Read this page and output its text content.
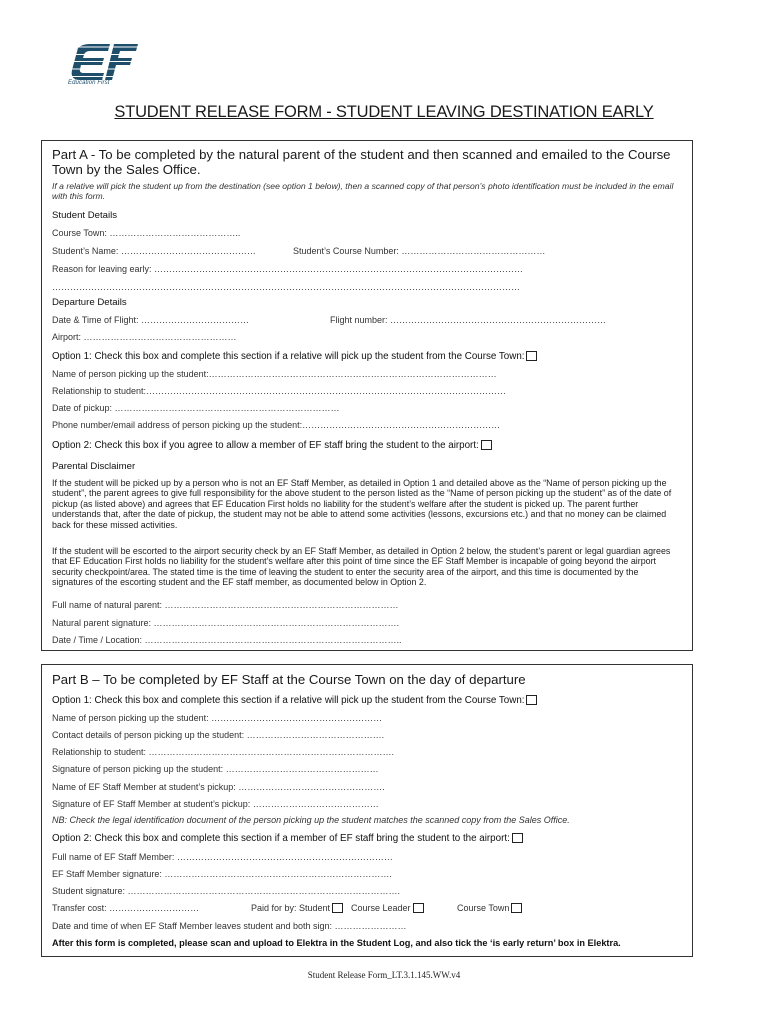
Education First
STUDENT RELEASE FORM - STUDENT LEAVING DESTINATION EARLY
Part A - To be completed by the natural parent of the student and then scanned and emailed to the Course Town by the Sales Office.
If a relative will pick the student up from the destination (see option 1 below), then a scanned copy of that person’s photo identification must be included in the email with this form.
Student Details
Course Town: ……………………………………..
Student’s Name: ………………………………………	Student’s Course Number: …………………………………………
Reason for leaving early: ……………………………………………………………………………………………………………
…………………………………………………………………………………………………………………………………………
Departure Details
Date & Time of Flight: ………………………………	Flight number: ………………………………………………………………
Airport: ……………………………………………
Option 1: Check this box and complete this section if a relative will pick up the student from the Course Town:
Name of person picking up the student:……………………………………………………………………………………
Relationship to student:…………………………………………………………………………………………………………
Date of pickup: …………………………………………………………………
Phone number/email address of person picking up the student:…………………………………………………………
Option 2: Check this box if you agree to allow a member of EF staff bring the student to the airport:
Parental Disclaimer
If the student will be picked up by a person who is not an EF Staff Member, as detailed in Option 1 and detailed above as the “Name of person picking up the student”, the parent agrees to give full responsibility for the above student to the person listed as the “Name of person picking up the student” as of the date of pickup (as listed above) and agrees that EF Education First holds no liability for the student’s welfare after the student is picked up. The parent further understands that, after the date of pickup, the student may not be able to attend some activities (lessons, excursions etc.) and that no money can be claimed back for these missed activities.
If the student will be escorted to the airport security check by an EF Staff Member, as detailed in Option 2 below, the student’s parent or legal guardian agrees that EF Education First holds no liability for the student’s welfare after this point of time since the EF Staff Member is incapable of going beyond the airport security checkpoint/area. The stated time is the time of leaving the student to enter the security area of the airport, and this time is documented by the signatures of the escorting student and the EF staff member, as documented below in Option 2.
Full name of natural parent: ……………………………………………………………………
Natural parent signature: ……………………………………………………………………….
Date / Time / Location: …………………………………………………………………………..
Part B – To be completed by EF Staff at the Course Town on the day of departure
Option 1: Check this box and complete this section if a relative will pick up the student from the Course Town:
Name of person picking up the student: …………………………………………………
Contact details of person picking up the student: ……………………………………….
Relationship to student: ……………………………………………………………………….
Signature of person picking up the student: ……………………………………………
Name of EF Staff Member at student’s pickup: ………………………………………….
Signature of EF Staff Member at student’s pickup: ……………………………………
NB: Check the legal identification document of the person picking up the student matches the scanned copy from the Sales Office.
Option 2: Check this box and complete this section if a member of EF staff bring the student to the airport:
Full name of EF Staff Member: ………………………………………………………………
EF Staff Member signature: ………………………………………………………………….
Student signature: ……………………………………………………………………………….
Transfer cost: …………………………	Paid for by: Student	Course Leader	Course Town
Date and time of when EF Staff Member leaves student and both sign: ……………………
After this form is completed, please scan and upload to Elektra in the Student Log, and also tick the ‘is early return’ box in Elektra.
Student Release Form_LT.3.1.145.WW.v4
